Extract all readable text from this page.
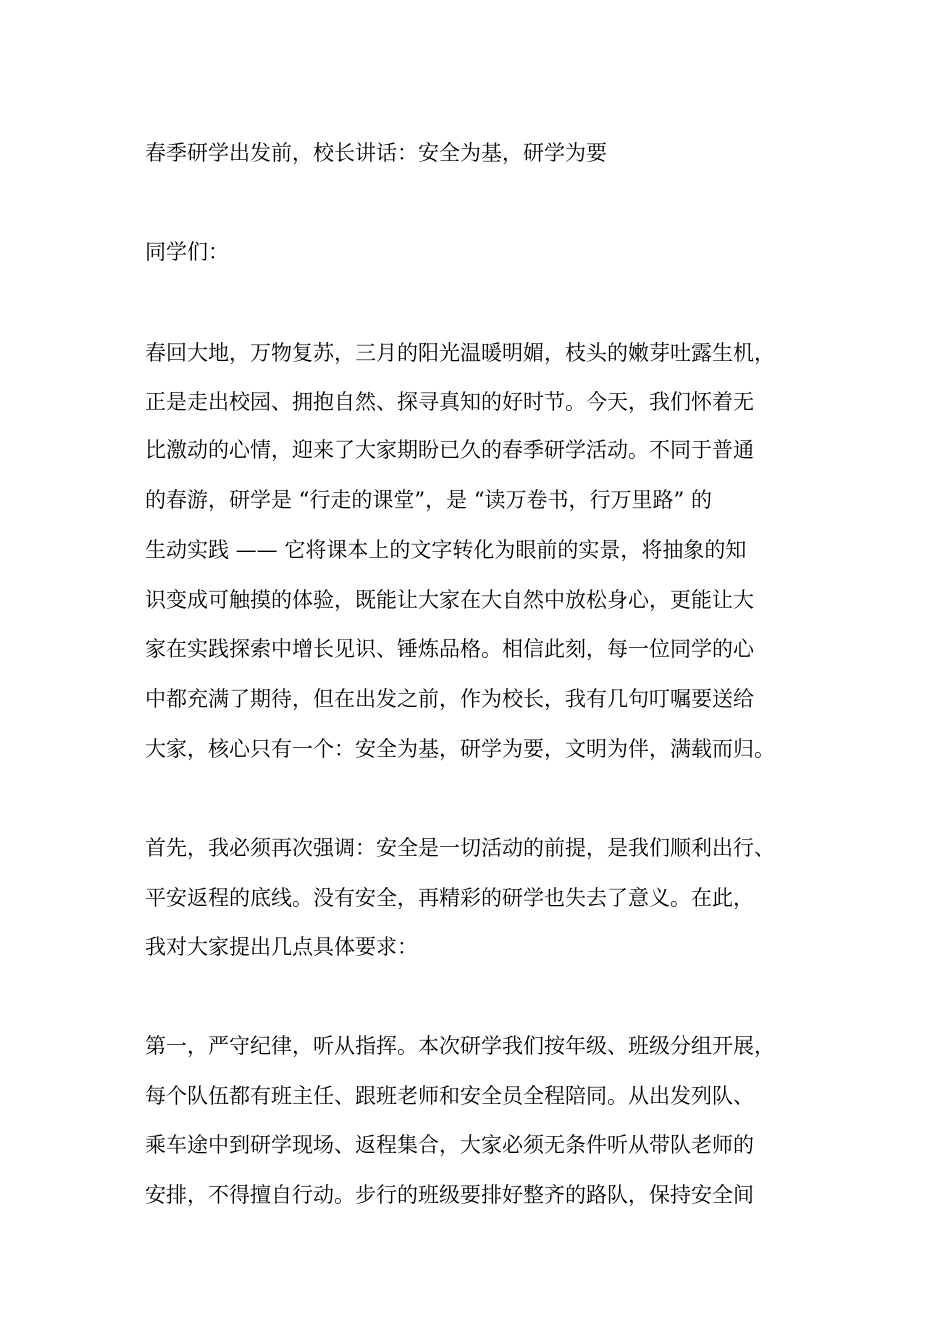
春季研学出发前，校长讲话：安全为基，研学为要
同学们：
春回大地，万物复苏，三月的阳光温暖明媚，枝头的嫩芽吐露生机，
正是走出校园、拥抱自然、探寻真知的好时节。今天，我们怀着无
比激动的心情，迎来了大家期盼已久的春季研学活动。不同于普通
的春游，研学是 “行走的课堂”，是 “读万卷书，行万里路” 的
生动实践 —— 它将课本上的文字转化为眼前的实景，将抽象的知
识变成可触摸的体验，既能让大家在大自然中放松身心，更能让大
家在实践探索中增长见识、锤炼品格。相信此刻，每一位同学的心
中都充满了期待，但在出发之前，作为校长，我有几句叮嘱要送给
大家，核心只有一个：安全为基，研学为要，文明为伴，满载而归。
首先，我必须再次强调：安全是一切活动的前提，是我们顺利出行、
平安返程的底线。没有安全，再精彩的研学也失去了意义。在此，
我对大家提出几点具体要求：
第一，严守纪律，听从指挥。本次研学我们按年级、班级分组开展，
每个队伍都有班主任、跟班老师和安全员全程陪同。从出发列队、
乘车途中到研学现场、返程集合，大家必须无条件听从带队老师的
安排，不得擅自行动。步行的班级要排好整齐的路队，保持安全间
